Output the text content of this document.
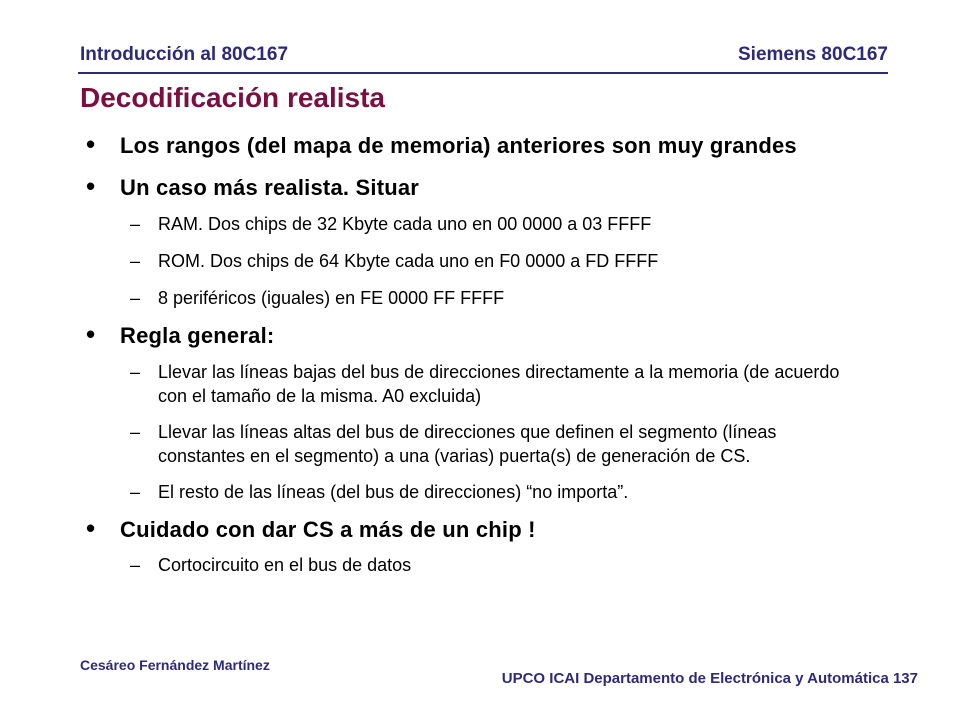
Introducción al 80C167	Siemens 80C167
Decodificación realista
• Los rangos (del mapa de memoria) anteriores son muy grandes
• Un caso más realista. Situar
– RAM. Dos chips de 32 Kbyte cada uno en 00 0000 a 03 FFFF
– ROM. Dos chips de 64 Kbyte cada uno en F0 0000 a FD FFFF
– 8 periféricos (iguales) en FE 0000 FF FFFF
• Regla general:
– Llevar las líneas bajas del bus de direcciones directamente a la memoria (de acuerdo con el tamaño de la misma. A0 excluida)
– Llevar las líneas altas del bus de direcciones que definen el segmento (líneas constantes en el segmento) a una (varias) puerta(s) de generación de CS.
– El resto de las líneas (del bus de direcciones) “no importa”.
• Cuidado con dar CS a más de un chip !
– Cortocircuito en el bus de datos
Cesáreo Fernández Martínez
UPCO ICAI Departamento de Electrónica y Automática 137
